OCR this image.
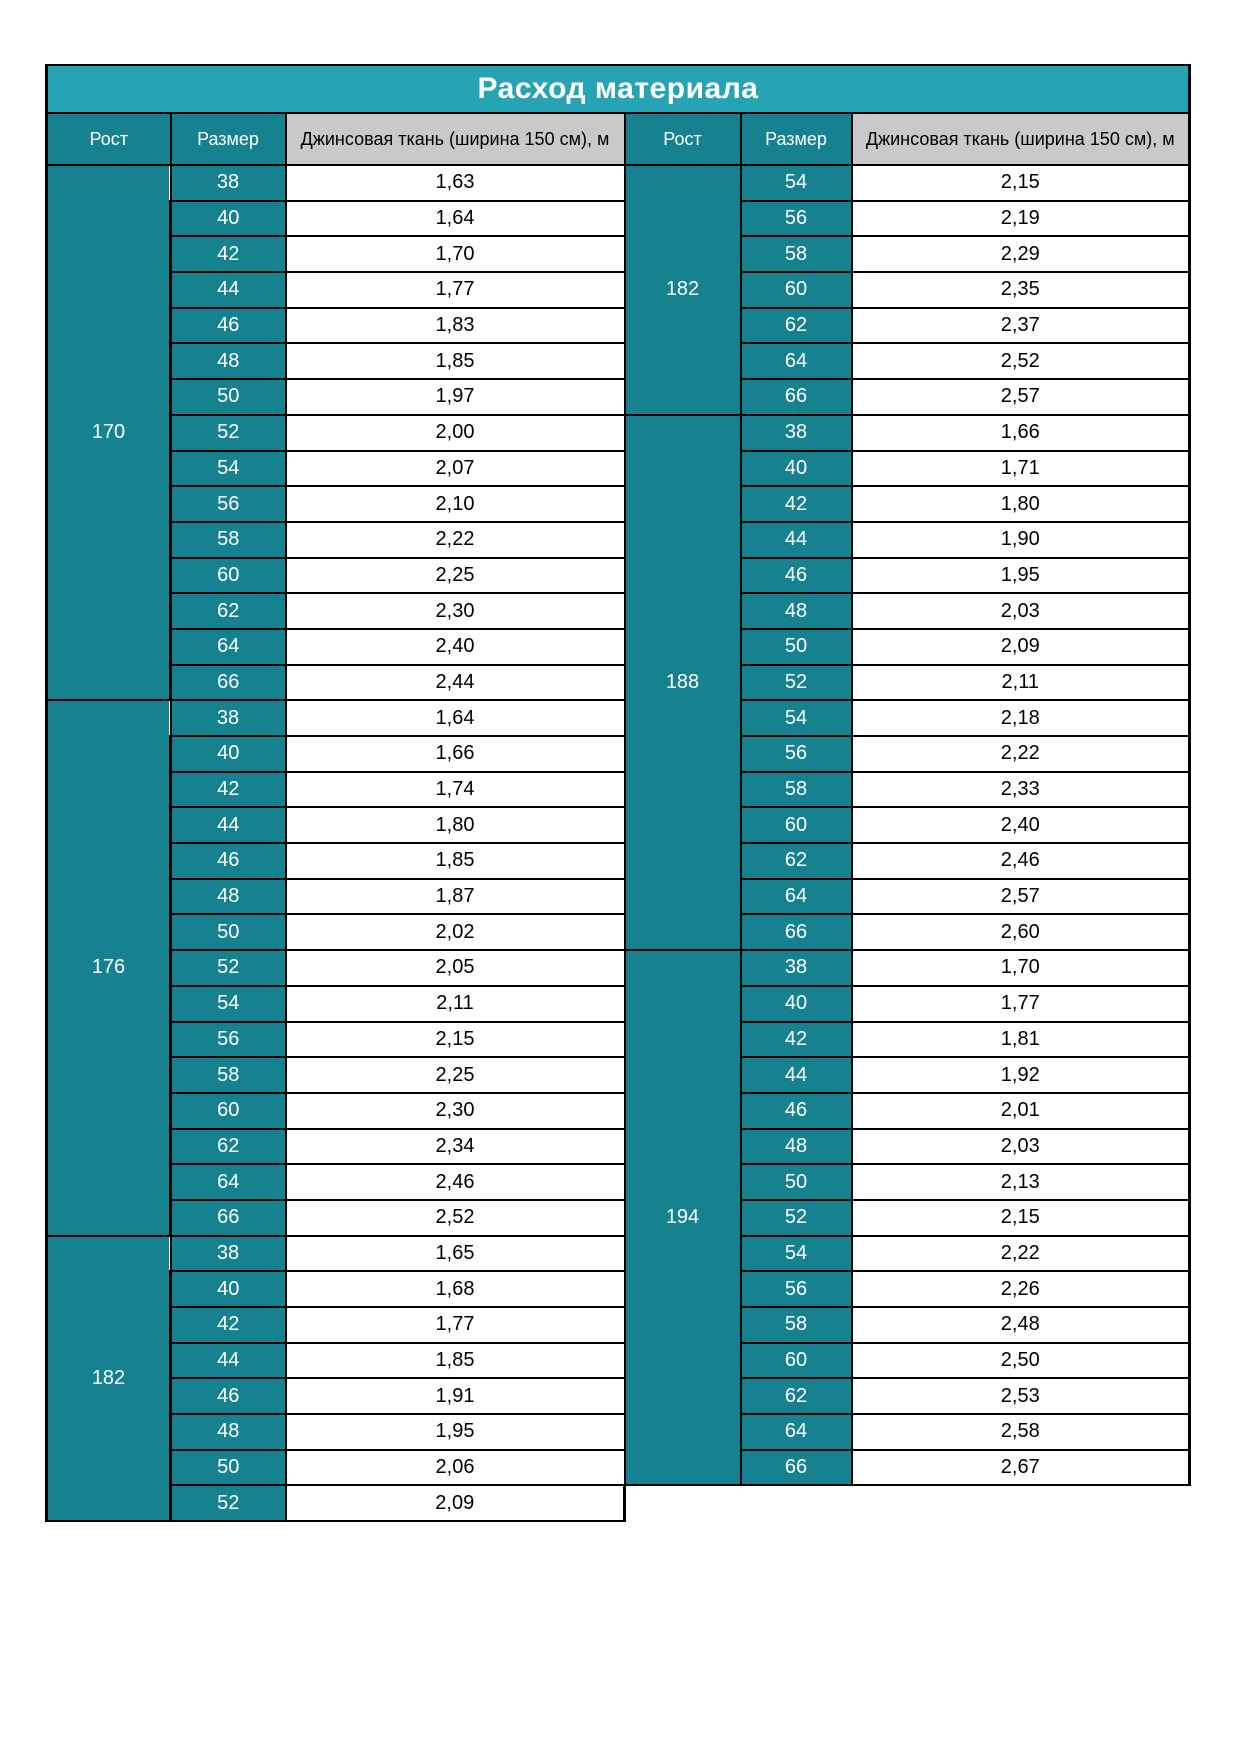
Расход материала					
Рост	Размер	Джинсовая ткань (ширина 150 см), м	Рост	Размер	Джинсовая ткань (ширина 150 см), м
170	38	1,63	182	54	2,15
	40	1,64		56	2,19
	42	1,70		58	2,29
	44	1,77		60	2,35
	46	1,83		62	2,37
	48	1,85		64	2,52
	50	1,97		66	2,57
	52	2,00	188	38	1,66
	54	2,07		40	1,71
	56	2,10		42	1,80
	58	2,22		44	1,90
	60	2,25		46	1,95
	62	2,30		48	2,03
	64	2,40		50	2,09
	66	2,44		52	2,11
176	38	1,64		54	2,18
	40	1,66		56	2,22
	42	1,74		58	2,33
	44	1,80		60	2,40
	46	1,85		62	2,46
	48	1,87		64	2,57
	50	2,02		66	2,60
	52	2,05	194	38	1,70
	54	2,11		40	1,77
	56	2,15		42	1,81
	58	2,25		44	1,92
	60	2,30		46	2,01
	62	2,34		48	2,03
	64	2,46		50	2,13
	66	2,52		52	2,15
182	38	1,65		54	2,22
	40	1,68		56	2,26
	42	1,77		58	2,48
	44	1,85		60	2,50
	46	1,91		62	2,53
	48	1,95		64	2,58
	50	2,06		66	2,67
	52	2,09			
